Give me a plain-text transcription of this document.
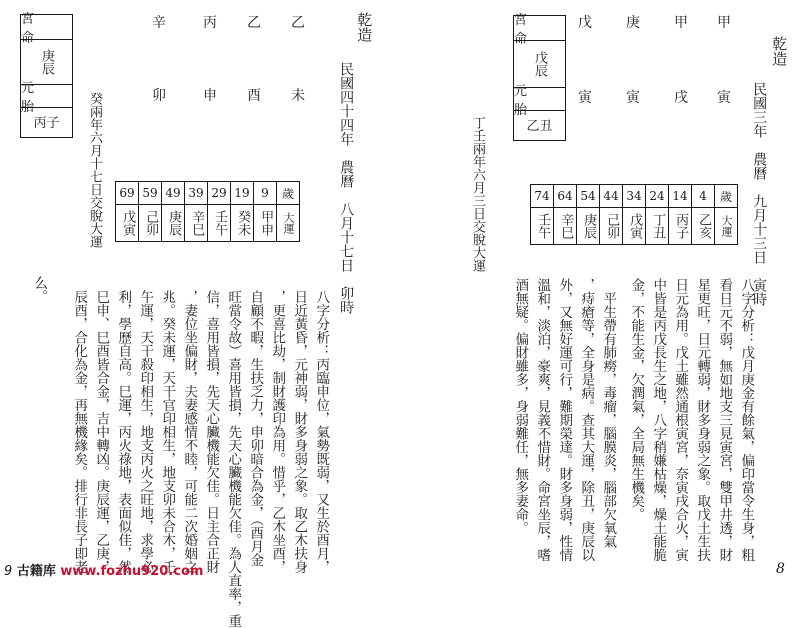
辛	丙 乙 乙
卯	申 酉 未
宮 命
庚辰
元 胎
丙子	癸兩年六月十七日交脫大運
乾造
民國四十四年　農曆　八月十七日　卯時
69	59	49	39	29	19	9	歲
戊寅	己卯	庚辰	辛巳	壬午	癸未	甲申	大運
八字分析：丙臨申位，氣勢既弱，又生於酉月，
日近黃昏，元神弱，財多身弱之象。取乙木扶身
，更喜比劫，制財護印為用。惜乎，乙木坐酉，
自顧不暇，生扶乏力，申卯暗合為金，（酉月金
旺當令故）喜用皆損，先天心臟機能欠佳。為人直率，重
信，喜用皆損，先天心臟機能欠佳。日主合正財
，妻位坐偏財，夫妻感情不睦，可能二次婚姻之
兆。癸未運，天干官印相生，地支卯未合木，壬
午運，天干殺印相生，地支丙火之旺地，求學必
利，學歷自高。巳運，丙火祿地，表面似佳，然
巳申、巳酉皆合金，吉中轉凶。庚辰運，乙庚，
辰酉，合化為金，再無機緣矣。排行非長子即老
么。
戊 庚 甲 甲
寅 寅 戌 寅
宮 命
戊辰
元 胎
乙丑
丁壬兩年六月三日交脫大運
乾造
民國三年　農曆　九月十三日　寅時
74	64	54	44	34	24	14	4	歲
壬午	辛巳	庚辰	己卯	戊寅	丁丑	丙子	乙亥	大運
八字分析：戊月庚金有餘氣，偏印當令生身，粗
看日元不弱，無如地支三見寅宮，雙甲井透，財
星更旺，日元轉弱，財多身弱之象。取戊土生扶
日元為用。戊土雖然通根寅宮，奈寅戌合火，寅
中皆是丙戊長生之地，八字稍嫌枯燥，燥土能脆
金，不能生金，欠潤氣，全局無生機矣。
　平生帶有肺癆，毒瘤，腦膜炎，腦部欠氧氣
，痔瘡等，全身是病。查其大運，除丑，庚辰以
外，又無好運可行，難期榮達。財多身弱，性情
溫和，淡泊，豪爽，見義不惜財。命宮坐辰，嗜
酒無疑。偏財雖多，身弱難任，無多妻命。
9 古籍库 www.fozhu920.com	8
